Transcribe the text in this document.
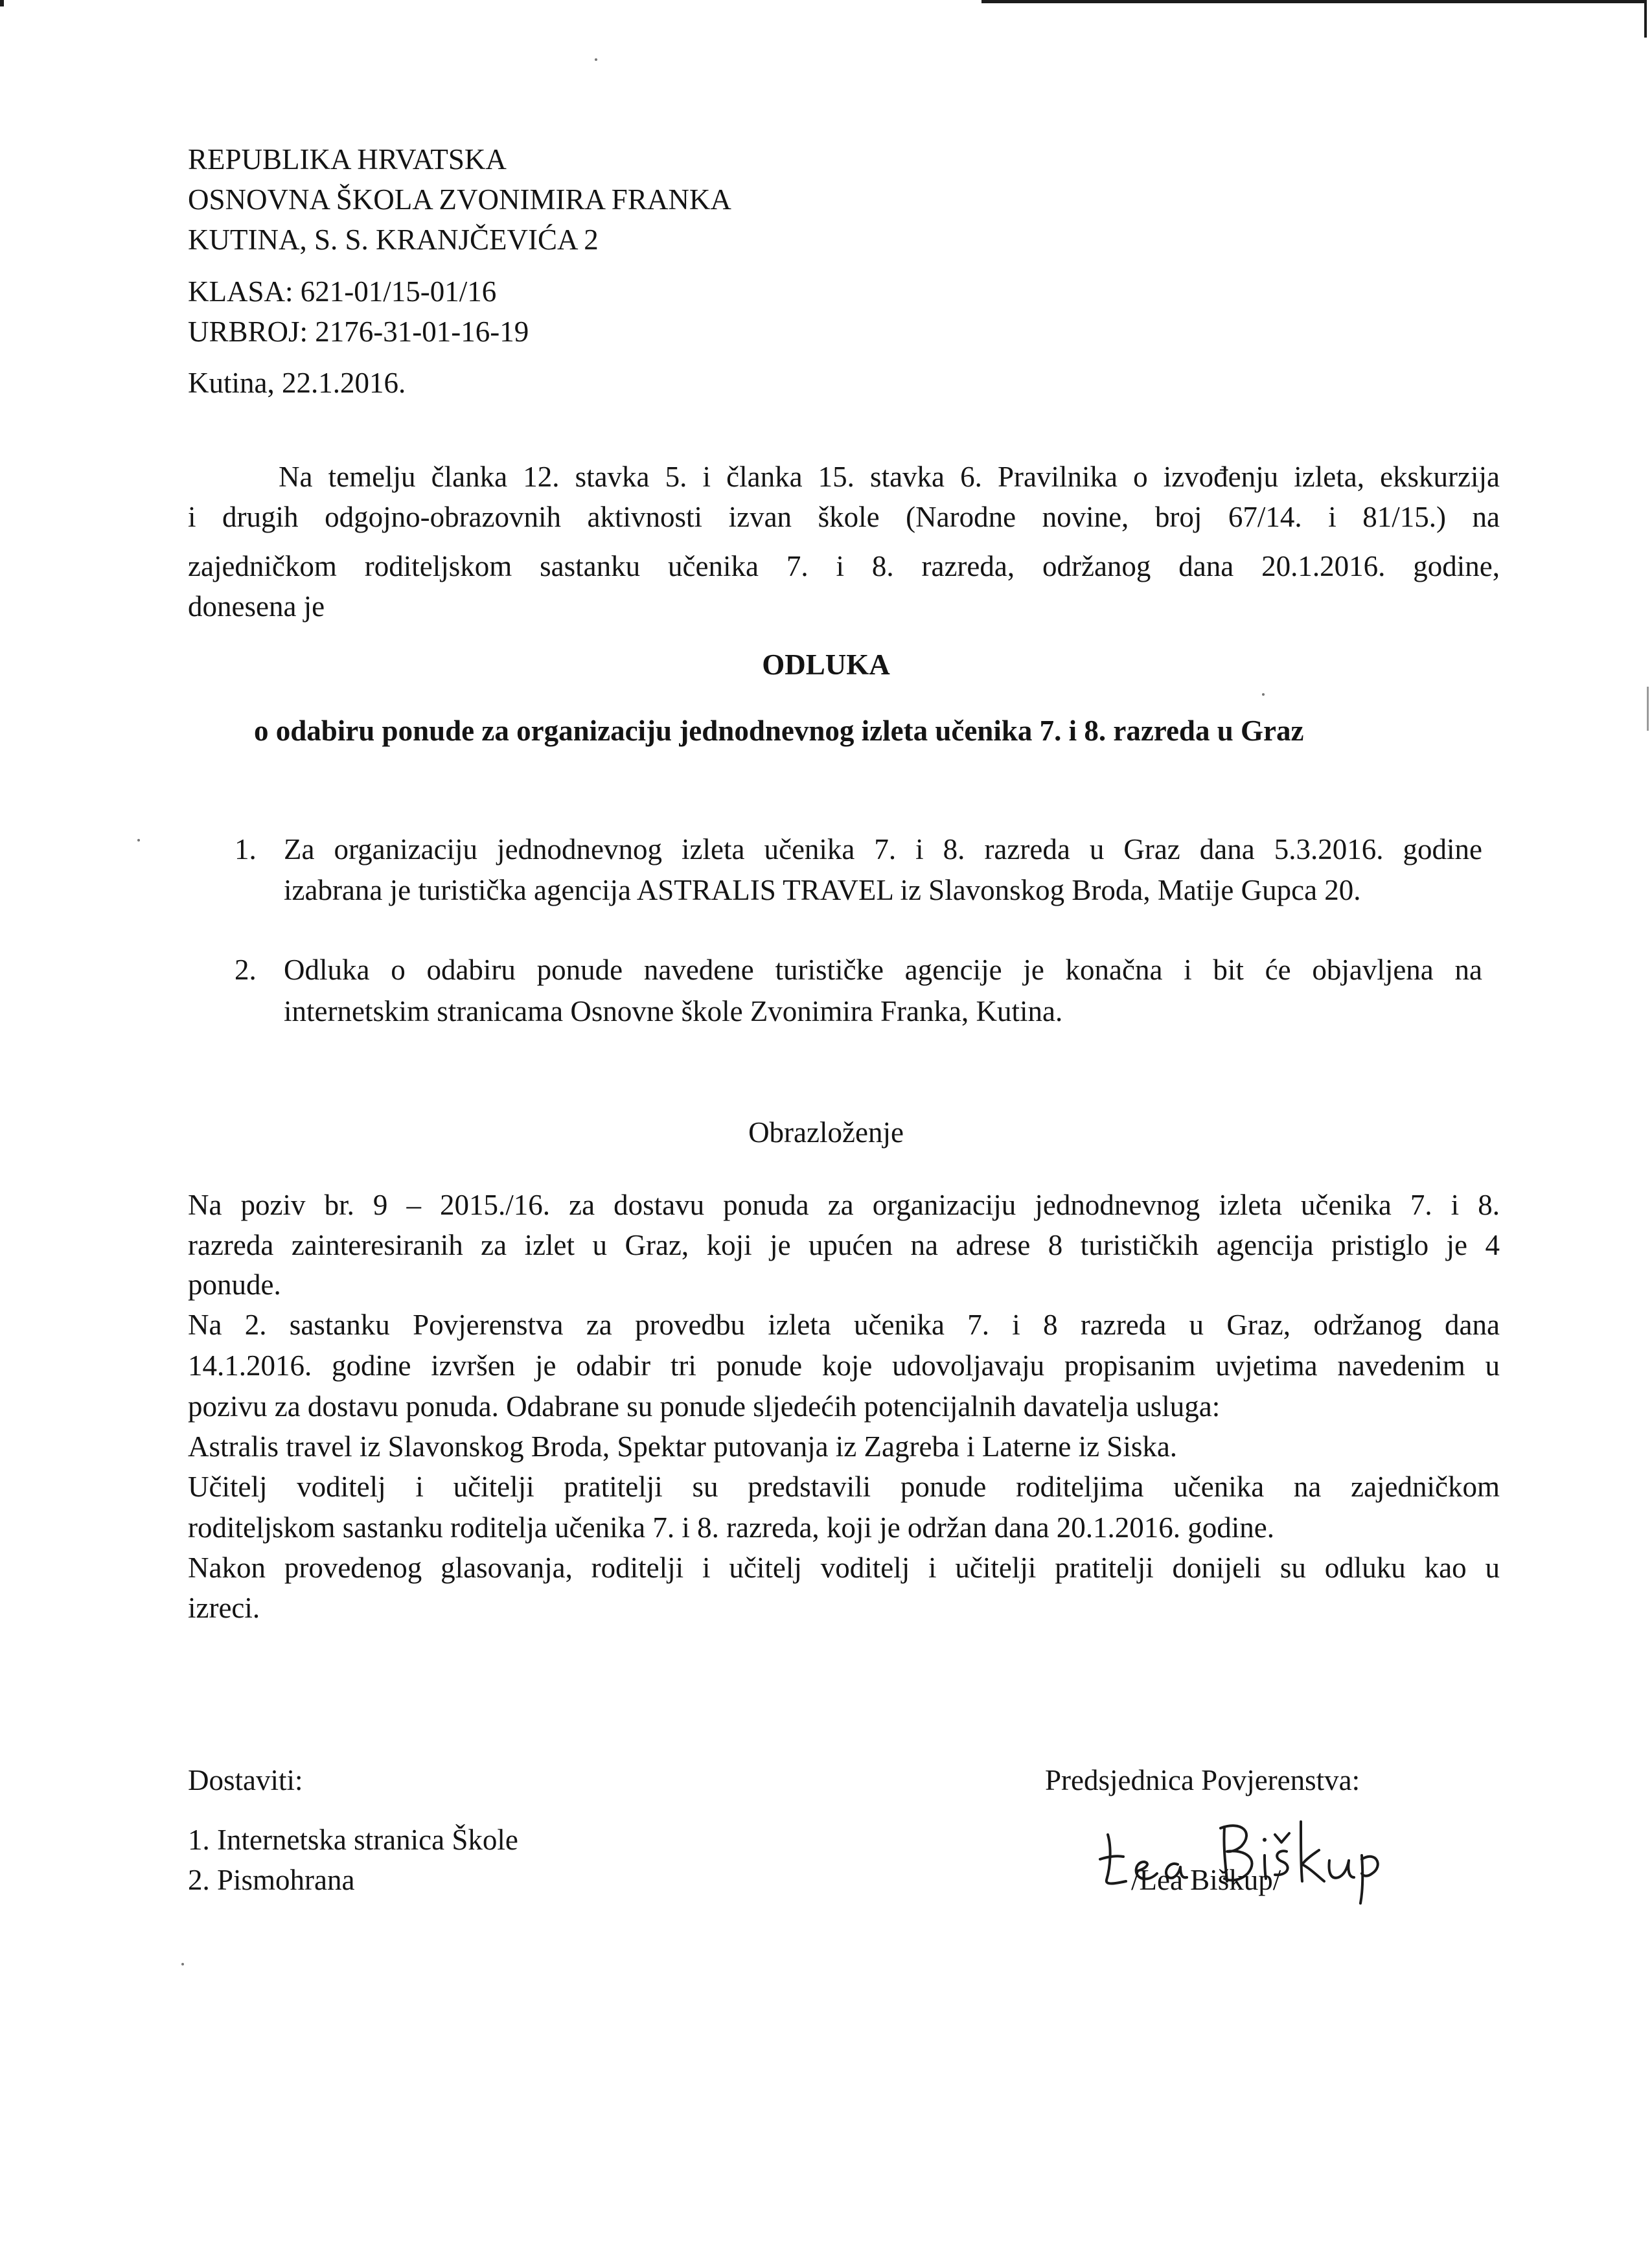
REPUBLIKA HRVATSKA

OSNOVNA ŠKOLA ZVONIMIRA FRANKA

KUTINA, S. S. KRANJČEVIĆA 2

KLASA: 621-01/15-01/16

URBROJ: 2176-31-01-16-19

Kutina, 22.1.2016.

Na temelju članka 12. stavka 5. i članka 15. stavka 6. Pravilnika o izvođenju izleta, ekskurzija

i drugih odgojno-obrazovnih aktivnosti izvan škole (Narodne novine, broj 67/14. i 81/15.) na

zajedničkom roditeljskom sastanku učenika 7. i 8. razreda, održanog dana 20.1.2016. godine,

donesena je

ODLUKA

o odabiru ponude za organizaciju jednodnevnog izleta učenika 7. i 8. razreda u Graz

1. Za organizaciju jednodnevnog izleta učenika 7. i 8. razreda u Graz dana 5.3.2016. godine

izabrana je turistička agencija ASTRALIS TRAVEL iz Slavonskog Broda, Matije Gupca 20.

2. Odluka o odabiru ponude navedene turističke agencije je konačna i bit će objavljena na

internetskim stranicama Osnovne škole Zvonimira Franka, Kutina.

Obrazloženje

Na poziv br. 9 – 2015./16. za dostavu ponuda za organizaciju jednodnevnog izleta učenika 7. i 8.

razreda zainteresiranih za izlet u Graz, koji je upućen na adrese 8 turističkih agencija pristiglo je 4

ponude.

Na 2. sastanku Povjerenstva za provedbu izleta učenika 7. i 8 razreda u Graz, održanog dana

14.1.2016. godine izvršen je odabir tri ponude koje udovoljavaju propisanim uvjetima navedenim u

pozivu za dostavu ponuda. Odabrane su ponude sljedećih potencijalnih davatelja usluga:

Astralis travel iz Slavonskog Broda, Spektar putovanja iz Zagreba i Laterne iz Siska.

Učitelj voditelj i učitelji pratitelji su predstavili ponude roditeljima učenika na zajedničkom

roditeljskom sastanku roditelja učenika 7. i 8. razreda, koji je održan dana 20.1.2016. godine.

Nakon provedenog glasovanja, roditelji i učitelj voditelj i učitelji pratitelji donijeli su odluku kao u

izreci.

Dostaviti:

1. Internetska stranica Škole

2. Pismohrana

Predsjednica Povjerenstva:

/Lea Biškup/
